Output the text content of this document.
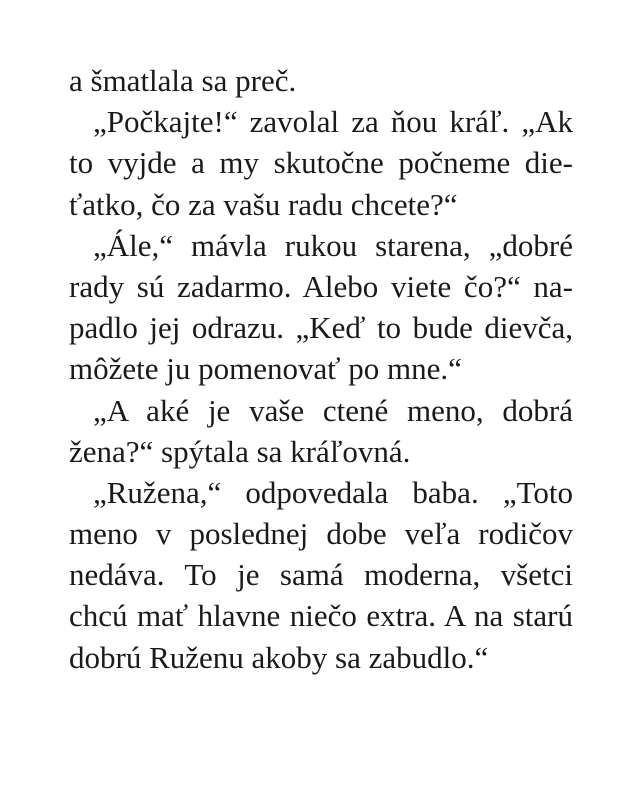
a šmatlala sa preč.
„Počkajte!“ zavolal za ňou kráľ. „Ak
to vyjde a my skutočne počneme die-
ťatko, čo za vašu radu chcete?“
„Ále,“ mávla rukou starena, „dobré
rady sú zadarmo. Alebo viete čo?“ na-
padlo jej odrazu. „Keď to bude dievča,
môžete ju pomenovať po mne.“
„A aké je vaše ctené meno, dobrá
žena?“ spýtala sa kráľovná.
„Ružena,“ odpovedala baba. „Toto
meno v poslednej dobe veľa rodičov
nedáva. To je samá moderna, všetci
chcú mať hlavne niečo extra. A na starú
dobrú Ruženu akoby sa zabudlo.“
